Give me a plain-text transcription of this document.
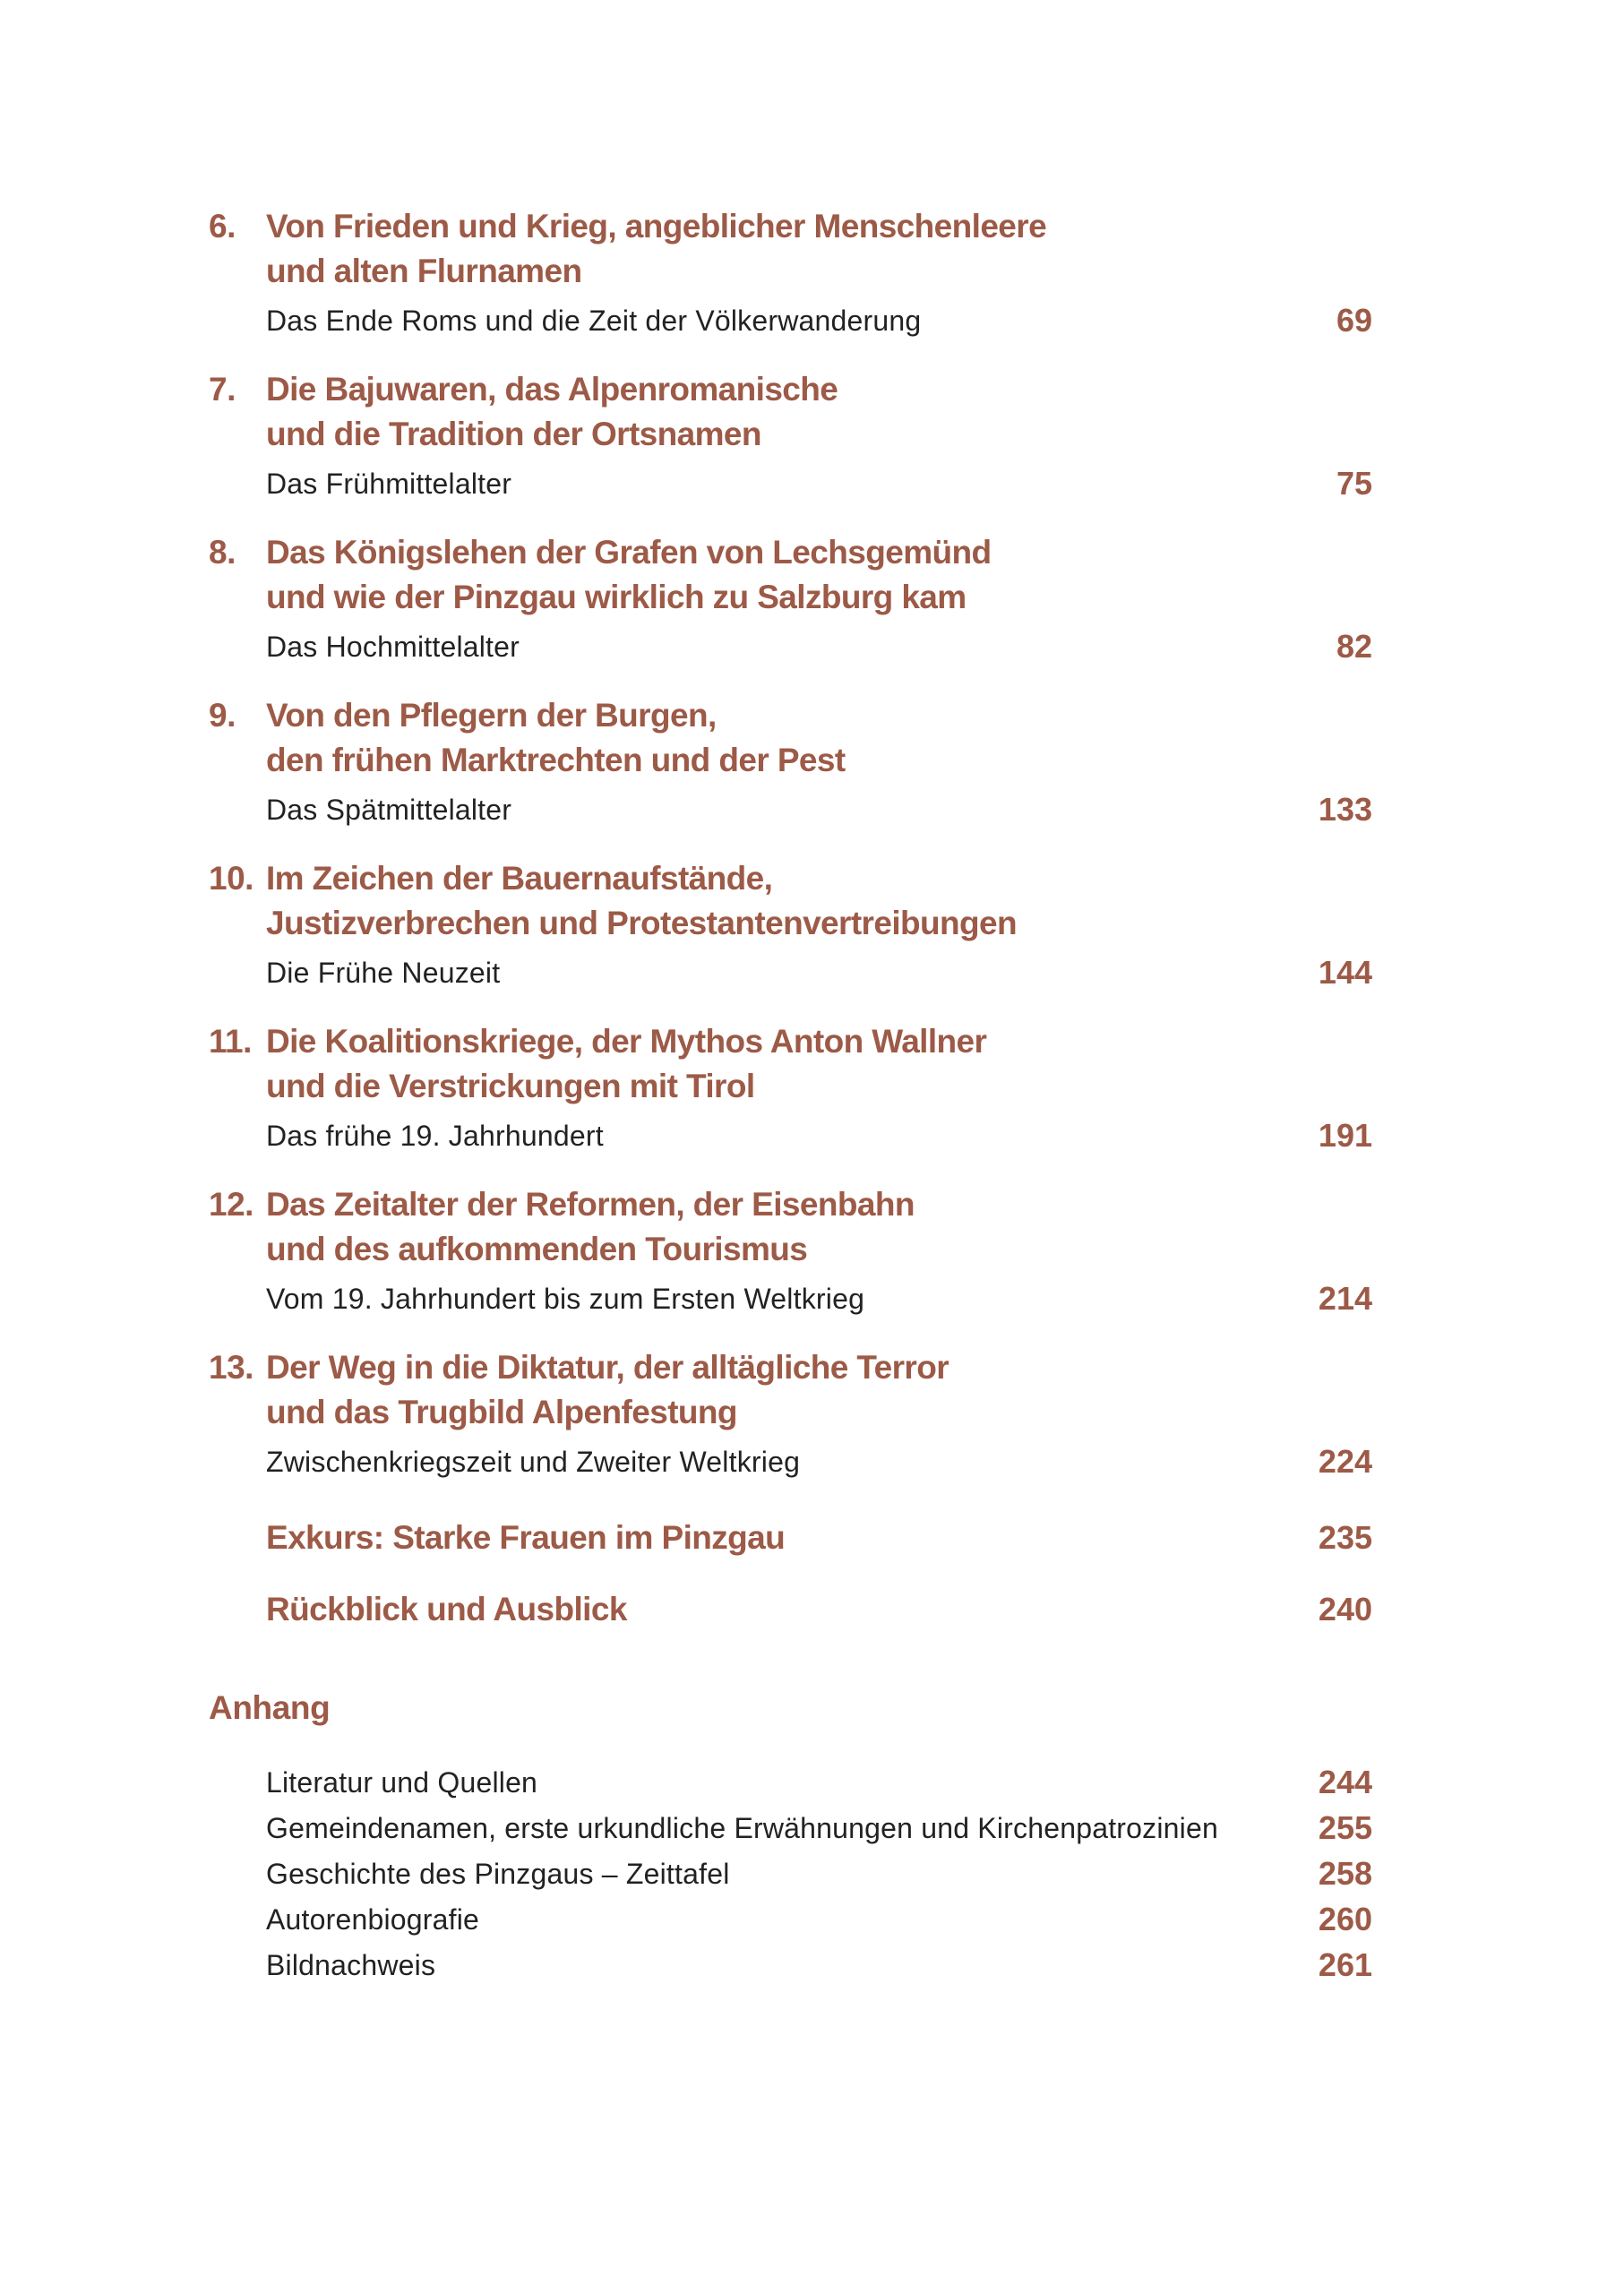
6. Von Frieden und Krieg, angeblicher Menschenleere
und alten Flurnamen
Das Ende Roms und die Zeit der Völkerwanderung	69
7. Die Bajuwaren, das Alpenromanische
und die Tradition der Ortsnamen
Das Frühmittelalter	75
8. Das Königslehen der Grafen von Lechsgemünd
und wie der Pinzgau wirklich zu Salzburg kam
Das Hochmittelalter	82
9. Von den Pflegern der Burgen,
den frühen Marktrechten und der Pest
Das Spätmittelalter	133
10. Im Zeichen der Bauernaufstände,
Justizverbrechen und Protestantenvertreibungen
Die Frühe Neuzeit	144
11. Die Koalitionskriege, der Mythos Anton Wallner
und die Verstrickungen mit Tirol
Das frühe 19. Jahrhundert	191
12. Das Zeitalter der Reformen, der Eisenbahn
und des aufkommenden Tourismus
Vom 19. Jahrhundert bis zum Ersten Weltkrieg	214
13. Der Weg in die Diktatur, der alltägliche Terror
und das Trugbild Alpenfestung
Zwischenkriegszeit und Zweiter Weltkrieg	224
Exkurs: Starke Frauen im Pinzgau	235
Rückblick und Ausblick	240
Anhang
Literatur und Quellen	244
Gemeindenamen, erste urkundliche Erwähnungen und Kirchenpatrozinien	255
Geschichte des Pinzgaus – Zeittafel	258
Autorenbiografie	260
Bildnachweis	261
